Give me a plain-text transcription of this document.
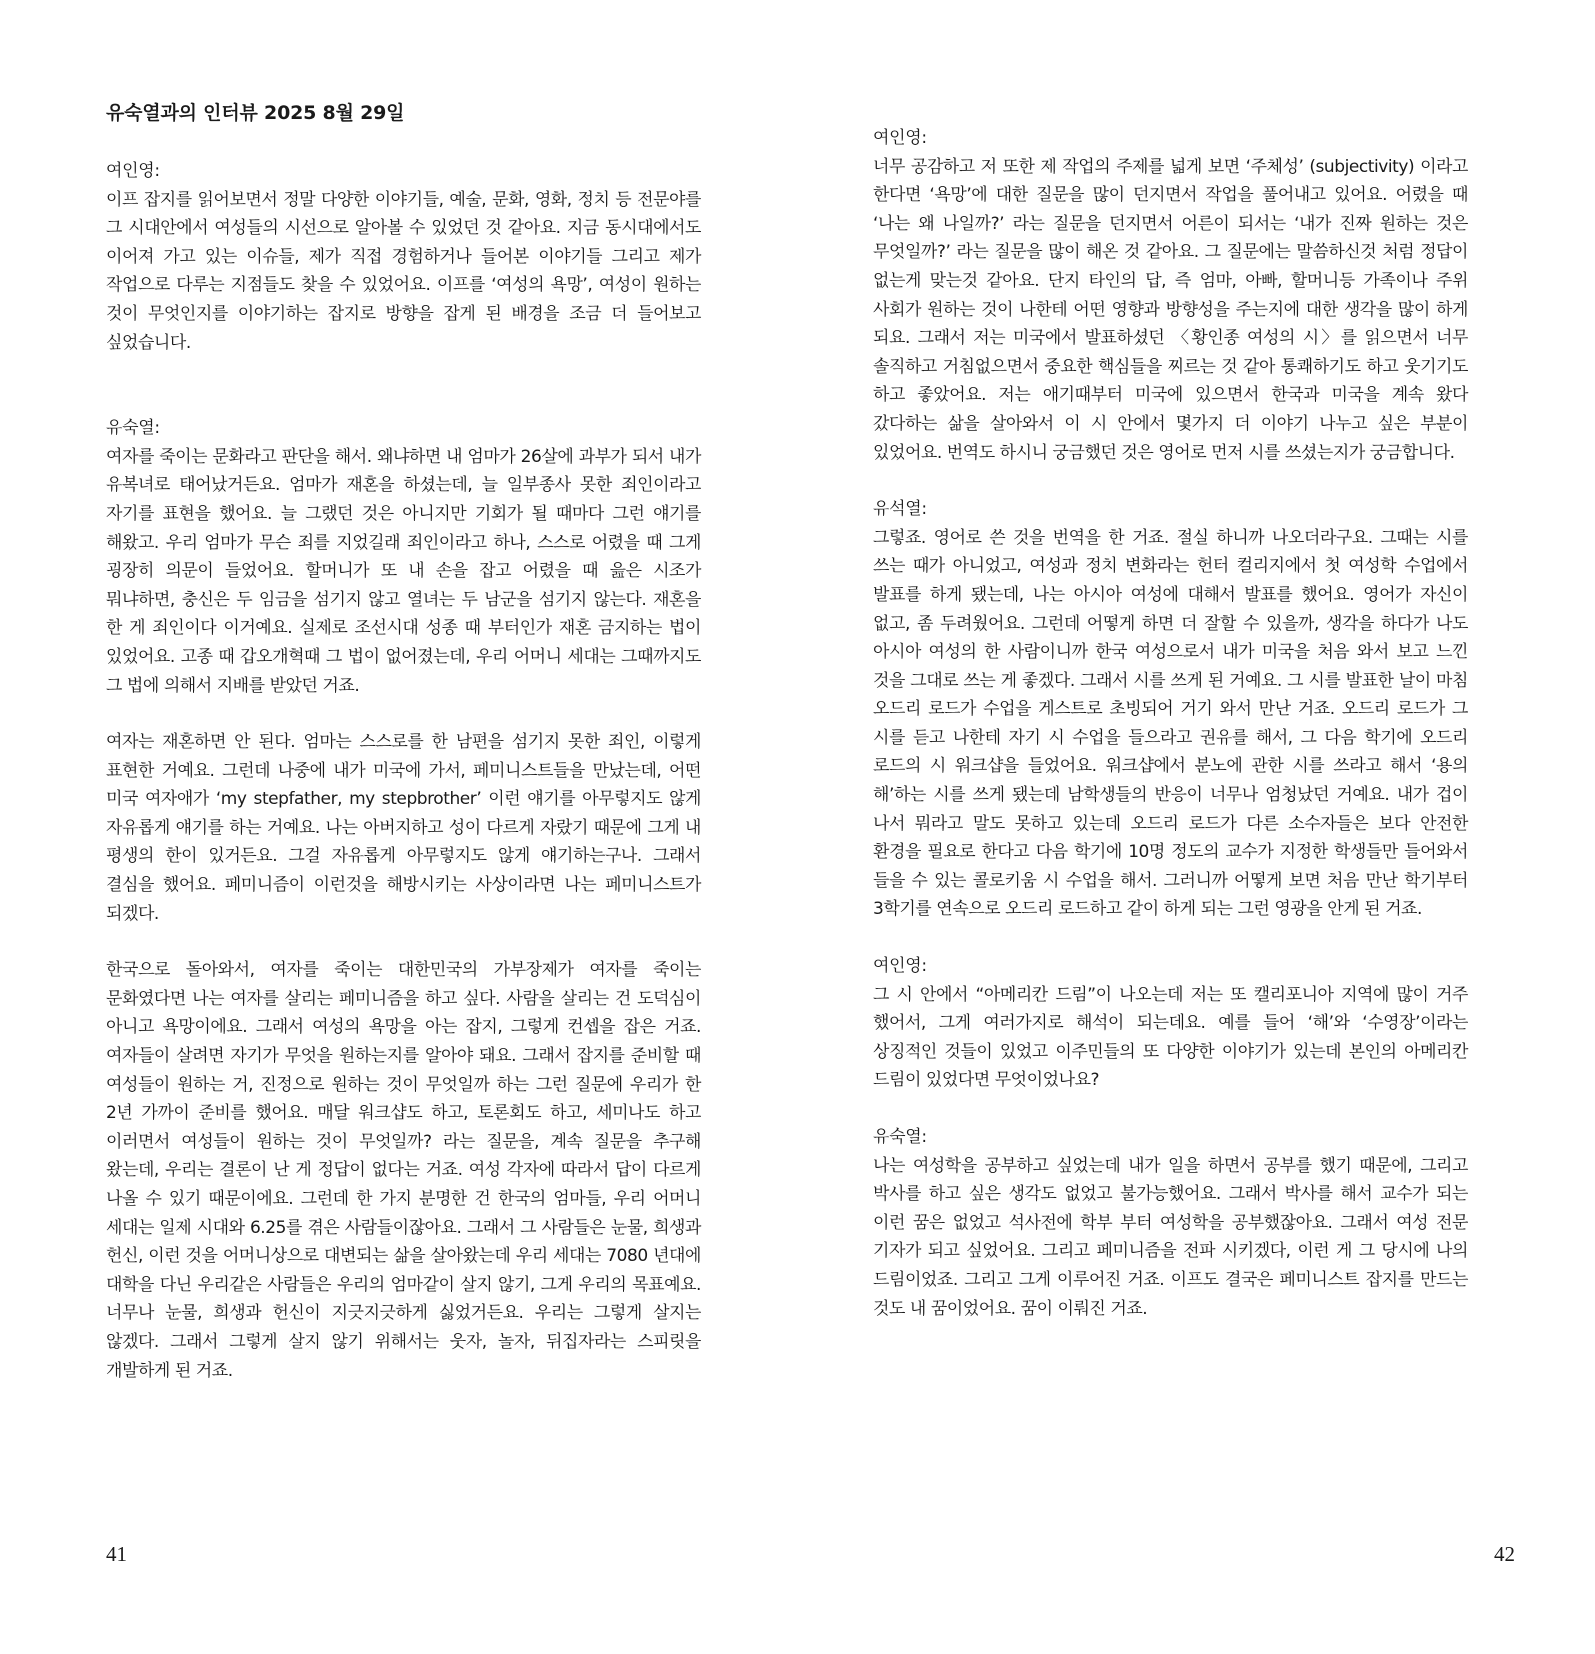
유숙열과의 인터뷰 2025 8월 29일

여인영:

이프 잡지를 읽어보면서 정말 다양한 이야기들, 예술, 문화, 영화, 정치 등 전문야를 그 시대안에서 여성들의 시선으로 알아볼 수 있었던 것 같아요. 지금 동시대에서도 이어져 가고 있는 이슈들, 제가 직접 경험하거나 들어본 이야기들 그리고 제가 작업으로 다루는 지점들도 찾을 수 있었어요. 이프를 ‘여성의 욕망’, 여성이 원하는 것이 무엇인지를 이야기하는 잡지로 방향을 잡게 된 배경을 조금 더 들어보고 싶었습니다.

유숙열:

여자를 죽이는 문화라고 판단을 해서. 왜냐하면 내 엄마가 26살에 과부가 되서 내가 유복녀로 태어났거든요. 엄마가 재혼을 하셨는데, 늘 일부종사 못한 죄인이라고 자기를 표현을 했어요. 늘 그랬던 것은 아니지만 기회가 될 때마다 그런 얘기를 해왔고. 우리 엄마가 무슨 죄를 지었길래 죄인이라고 하나, 스스로 어렸을 때 그게 굉장히 의문이 들었어요. 할머니가 또 내 손을 잡고 어렸을 때 읊은 시조가 뭐냐하면, 충신은 두 임금을 섬기지 않고 열녀는 두 남군을 섬기지 않는다. 재혼을 한 게 죄인이다 이거예요. 실제로 조선시대 성종 때 부터인가 재혼 금지하는 법이 있었어요. 고종 때 갑오개혁때 그 법이 없어졌는데, 우리 어머니 세대는 그때까지도 그 법에 의해서 지배를 받았던 거죠.

여자는 재혼하면 안 된다. 엄마는 스스로를 한 남편을 섬기지 못한 죄인, 이렇게 표현한 거예요. 그런데 나중에 내가 미국에 가서, 페미니스트들을 만났는데, 어떤 미국 여자애가 ‘my stepfather, my stepbrother’ 이런 얘기를 아무렇지도 않게 자유롭게 얘기를 하는 거예요. 나는 아버지하고 성이 다르게 자랐기 때문에 그게 내 평생의 한이 있거든요. 그걸 자유롭게 아무렇지도 않게 얘기하는구나. 그래서 결심을 했어요. 페미니즘이 이런것을 해방시키는 사상이라면 나는 페미니스트가 되겠다.

한국으로 돌아와서, 여자를 죽이는 대한민국의 가부장제가 여자를 죽이는 문화였다면 나는 여자를 살리는 페미니즘을 하고 싶다. 사람을 살리는 건 도덕심이 아니고 욕망이에요. 그래서 여성의 욕망을 아는 잡지, 그렇게 컨셉을 잡은 거죠. 여자들이 살려면 자기가 무엇을 원하는지를 알아야 돼요. 그래서 잡지를 준비할 때 여성들이 원하는 거, 진정으로 원하는 것이 무엇일까 하는 그런 질문에 우리가 한 2년 가까이 준비를 했어요. 매달 워크샵도 하고, 토론회도 하고, 세미나도 하고 이러면서 여성들이 원하는 것이 무엇일까? 라는 질문을, 계속 질문을 추구해 왔는데, 우리는 결론이 난 게 정답이 없다는 거죠. 여성 각자에 따라서 답이 다르게 나올 수 있기 때문이에요. 그런데 한 가지 분명한 건 한국의 엄마들, 우리 어머니 세대는 일제 시대와 6.25를 겪은 사람들이잖아요. 그래서 그 사람들은 눈물, 희생과 헌신, 이런 것을 어머니상으로 대변되는 삶을 살아왔는데 우리 세대는 7080 년대에 대학을 다닌 우리같은 사람들은 우리의 엄마같이 살지 않기, 그게 우리의 목표예요. 너무나 눈물, 희생과 헌신이 지긋지긋하게 싫었거든요. 우리는 그렇게 살지는 않겠다. 그래서 그렇게 살지 않기 위해서는 웃자, 놀자, 뒤집자라는 스피릿을 개발하게 된 거죠.

41

여인영:

너무 공감하고 저 또한 제 작업의 주제를 넓게 보면 ‘주체성’ (subjectivity) 이라고 한다면 ‘욕망’에 대한 질문을 많이 던지면서 작업을 풀어내고 있어요. 어렸을 때 ‘나는 왜 나일까?’ 라는 질문을 던지면서 어른이 되서는 ‘내가 진짜 원하는 것은 무엇일까?’ 라는 질문을 많이 해온 것 같아요. 그 질문에는 말씀하신것 처럼 정답이 없는게 맞는것 같아요. 단지 타인의 답, 즉 엄마, 아빠, 할머니등 가족이나 주위 사회가 원하는 것이 나한테 어떤 영향과 방향성을 주는지에 대한 생각을 많이 하게 되요. 그래서 저는 미국에서 발표하셨던 〈황인종 여성의 시〉를 읽으면서 너무 솔직하고 거침없으면서 중요한 핵심들을 찌르는 것 같아 통쾌하기도 하고 웃기기도 하고 좋았어요. 저는 애기때부터 미국에 있으면서 한국과 미국을 계속 왔다 갔다하는 삶을 살아와서 이 시 안에서 몇가지 더 이야기 나누고 싶은 부분이 있었어요. 번역도 하시니 궁금했던 것은 영어로 먼저 시를 쓰셨는지가 궁금합니다.

유석열:

그렇죠. 영어로 쓴 것을 번역을 한 거죠. 절실 하니까 나오더라구요. 그때는 시를 쓰는 때가 아니었고, 여성과 정치 변화라는 헌터 컬리지에서 첫 여성학 수업에서 발표를 하게 됐는데, 나는 아시아 여성에 대해서 발표를 했어요. 영어가 자신이 없고, 좀 두려웠어요. 그런데 어떻게 하면 더 잘할 수 있을까, 생각을 하다가 나도 아시아 여성의 한 사람이니까 한국 여성으로서 내가 미국을 처음 와서 보고 느낀 것을 그대로 쓰는 게 좋겠다. 그래서 시를 쓰게 된 거예요. 그 시를 발표한 날이 마침 오드리 로드가 수업을 게스트로 초빙되어 거기 와서 만난 거죠. 오드리 로드가 그 시를 듣고 나한테 자기 시 수업을 들으라고 권유를 해서, 그 다음 학기에 오드리 로드의 시 워크샵을 들었어요. 워크샵에서 분노에 관한 시를 쓰라고 해서 ‘용의 해’하는 시를 쓰게 됐는데 남학생들의 반응이 너무나 엄청났던 거예요. 내가 겁이 나서 뭐라고 말도 못하고 있는데 오드리 로드가 다른 소수자들은 보다 안전한 환경을 필요로 한다고 다음 학기에 10명 정도의 교수가 지정한 학생들만 들어와서 들을 수 있는 콜로키움 시 수업을 해서. 그러니까 어떻게 보면 처음 만난 학기부터 3학기를 연속으로 오드리 로드하고 같이 하게 되는 그런 영광을 안게 된 거죠.

여인영:

그 시 안에서 “아메리칸 드림”이 나오는데 저는 또 캘리포니아 지역에 많이 거주 했어서, 그게 여러가지로 해석이 되는데요. 예를 들어 ‘해’와 ‘수영장’이라는 상징적인 것들이 있었고 이주민들의 또 다양한 이야기가 있는데 본인의 아메리칸 드림이 있었다면 무엇이었나요?

유숙열:

나는 여성학을 공부하고 싶었는데 내가 일을 하면서 공부를 했기 때문에, 그리고 박사를 하고 싶은 생각도 없었고 불가능했어요. 그래서 박사를 해서 교수가 되는 이런 꿈은 없었고 석사전에 학부 부터 여성학을 공부했잖아요. 그래서 여성 전문 기자가 되고 싶었어요. 그리고 페미니즘을 전파 시키겠다, 이런 게 그 당시에 나의 드림이었죠. 그리고 그게 이루어진 거죠. 이프도 결국은 페미니스트 잡지를 만드는 것도 내 꿈이었어요. 꿈이 이뤄진 거죠.

42
